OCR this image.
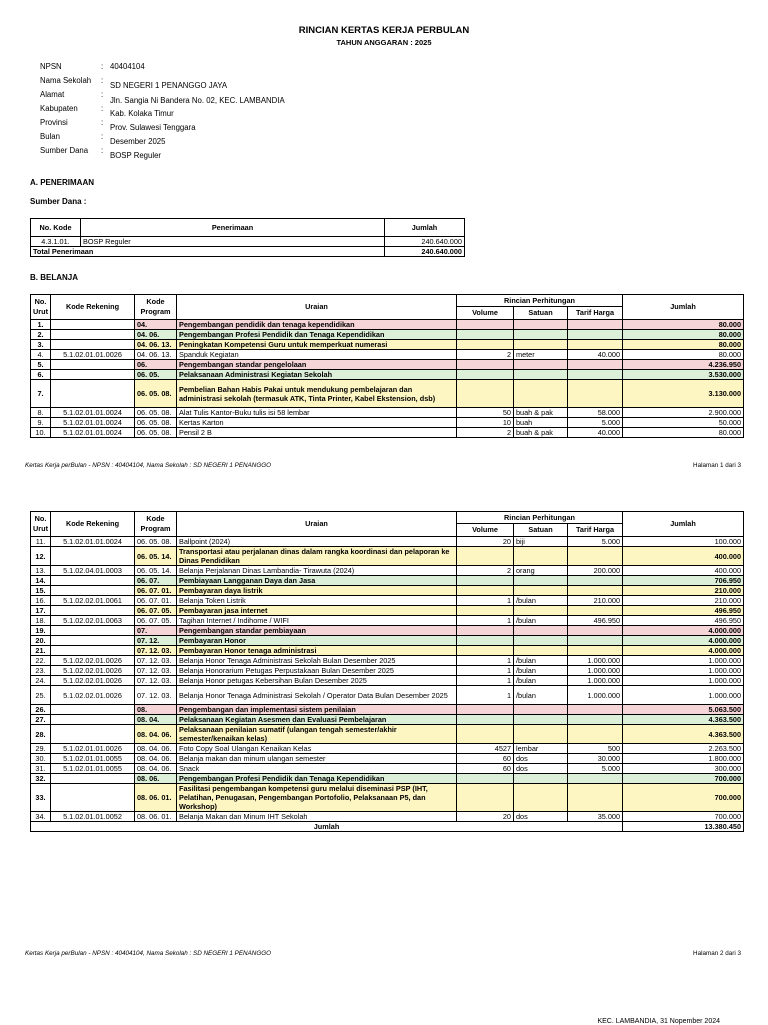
RINCIAN KERTAS KERJA PERBULAN
TAHUN ANGGARAN : 2025
NPSN	: 40404104
Nama Sekolah	:
SD NEGERI 1 PENANGGO JAYA
Alamat	:
Jln. Sangia Ni Bandera No. 02, KEC. LAMBANDIA
Kabupaten	:
Kab. Kolaka Timur
Provinsi	:
Prov. Sulawesi Tenggara
Bulan	:
Desember 2025
Sumber Dana	:
BOSP Reguler
A. PENERIMAAN
Sumber Dana :
No. Kode	Penerimaan	Jumlah
4.3.1.01.	BOSP Reguler	240.640.000
Total Penerimaan		240.640.000
B. BELANJA
No. Urut	Kode Rekening	Kode Program	Uraian	Rincian Perhitungan			Jumlah
				Volume	Satuan	Tarif Harga	
1.		04.	Pengembangan pendidik dan tenaga kependidikan				80.000
2.		04. 06.	Pengembangan Profesi Pendidik dan Tenaga Kependidikan				80.000
3.		04. 06. 13.	Peningkatan Kompetensi Guru untuk memperkuat numerasi				80.000
4.	5.1.02.01.01.0026	04. 06. 13.	Spanduk Kegiatan	2	meter	40.000	80.000
5.		06.	Pengembangan standar pengelolaan				4.236.950
6.		06. 05.	Pelaksanaan Administrasi Kegiatan Sekolah				3.530.000
7.		06. 05. 08.	Pembelian Bahan Habis Pakai untuk mendukung pembelajaran dan administrasi sekolah (termasuk ATK, Tinta Printer, Kabel Ekstension, dsb)				3.130.000
8.	5.1.02.01.01.0024	06. 05. 08.	Alat Tulis Kantor-Buku tulis isi 58 lembar	50	buah & pak	58.000	2.900.000
9.	5.1.02.01.01.0024	06. 05. 08.	Kertas Karton	10	buah	5.000	50.000
10.	5.1.02.01.01.0024	06. 05. 08.	Pensil 2 B	2	buah & pak	40.000	80.000
Kertas Kerja perBulan - NPSN : 40404104, Nama Sekolah : SD NEGERI 1 PENANGGO	Halaman 1 dari 3
No. Urut	Kode Rekening	Kode Program	Uraian	Rincian Perhitungan			Jumlah
				Volume	Satuan	Tarif Harga	
11.	5.1.02.01.01.0024	06. 05. 08.	Ballpoint (2024)	20	biji	5.000	100.000
12.		06. 05. 14.	Transportasi atau perjalanan dinas dalam rangka koordinasi dan pelaporan ke Dinas Pendidikan				400.000
13.	5.1.02.04.01.0003	06. 05. 14.	Belanja Perjalanan Dinas Lambandia- Tirawuta (2024)	2	orang	200.000	400.000
14.		06. 07.	Pembiayaan Langganan Daya dan Jasa				706.950
15.		06. 07. 01.	Pembayaran daya listrik				210.000
16.	5.1.02.02.01.0061	06. 07. 01.	Belanja Token Listrik	1	/bulan	210.000	210.000
17.		06. 07. 05.	Pembayaran jasa internet				496.950
18.	5.1.02.02.01.0063	06. 07. 05.	Tagihan Internet / Indihome / WIFI	1	/bulan	496.950	496.950
19.		07.	Pengembangan standar pembiayaan				4.000.000
20.		07. 12.	Pembayaran Honor				4.000.000
21.		07. 12. 03.	Pembayaran Honor tenaga administrasi				4.000.000
22.	5.1.02.02.01.0026	07. 12. 03.	Belanja Honor Tenaga Administrasi Sekolah Bulan Desember 2025	1	/bulan	1.000.000	1.000.000
23.	5.1.02.02.01.0026	07. 12. 03.	Belanja Honorarium Petugas Perpustakaan Bulan Desember 2025	1	/bulan	1.000.000	1.000.000
24.	5.1.02.02.01.0026	07. 12. 03.	Belanja Honor petugas Kebersihan Bulan Desember 2025	1	/bulan	1.000.000	1.000.000
25.	5.1.02.02.01.0026	07. 12. 03.	Belanja Honor Tenaga Administrasi Sekolah / Operator Data Bulan Desember 2025	1	/bulan	1.000.000	1.000.000
26.		08.	Pengembangan dan implementasi sistem penilaian				5.063.500
27.		08. 04.	Pelaksanaan Kegiatan Asesmen dan Evaluasi Pembelajaran				4.363.500
28.		08. 04. 06.	Pelaksanaan penilaian sumatif (ulangan tengah semester/akhir semester/kenaikan kelas)				4.363.500
29.	5.1.02.01.01.0026	08. 04. 06.	Foto Copy Soal Ulangan Kenaikan Kelas	4527	lembar	500	2.263.500
30.	5.1.02.01.01.0055	08. 04. 06.	Belanja makan dan minum ulangan semester	60	dos	30.000	1.800.000
31.	5.1.02.01.01.0055	08. 04. 06.	Snack	60	dos	5.000	300.000
32.		08. 06.	Pengembangan Profesi Pendidik dan Tenaga Kependidikan				700.000
33.		08. 06. 01.	Fasilitasi pengembangan kompetensi guru melalui diseminasi PSP (IHT, Pelatihan, Penugasan, Pengembangan Portofolio, Pelaksanaan P5, dan Workshop)				700.000
34.	5.1.02.01.01.0052	08. 06. 01.	Belanja Makan dan Minum IHT Sekolah	20	dos	35.000	700.000
Jumlah							13.380.450
Kertas Kerja perBulan - NPSN : 40404104, Nama Sekolah : SD NEGERI 1 PENANGGO	Halaman 2 dari 3
KEC. LAMBANDIA, 31 Nopember 2024
